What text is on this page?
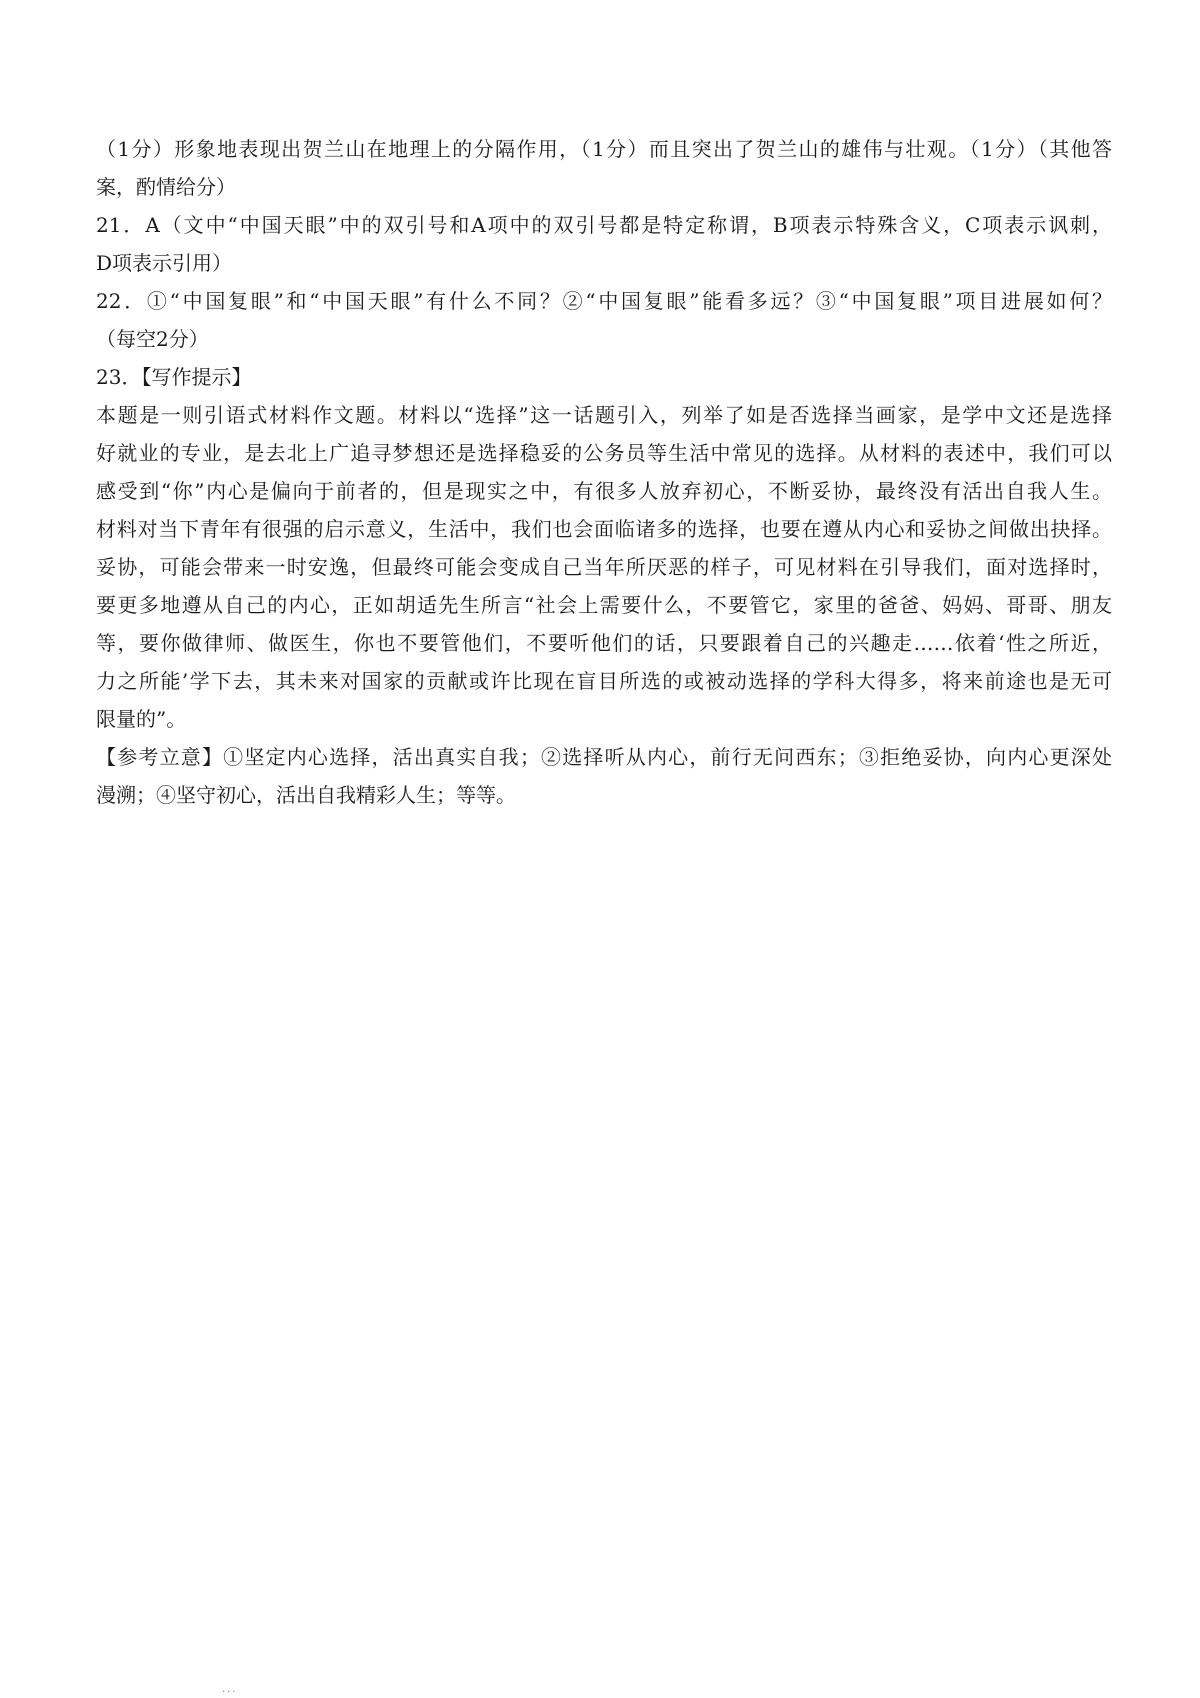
（1分）形象地表现出贺兰山在地理上的分隔作用，（1分）而且突出了贺兰山的雄伟与壮观。（1分）（其他答
案，酌情给分）
21．A（文中“中国天眼”中的双引号和A项中的双引号都是特定称谓，B项表示特殊含义，C项表示讽刺，
D项表示引用）
22．①“中国复眼”和“中国天眼”有什么不同？②“中国复眼”能看多远？③“中国复眼”项目进展如何？
（每空2分）
23．【写作提示】
本题是一则引语式材料作文题。材料以“选择”这一话题引入，列举了如是否选择当画家，是学中文还是选择
好就业的专业，是去北上广追寻梦想还是选择稳妥的公务员等生活中常见的选择。从材料的表述中，我们可以
感受到“你”内心是偏向于前者的，但是现实之中，有很多人放弃初心，不断妥协，最终没有活出自我人生。
材料对当下青年有很强的启示意义，生活中，我们也会面临诸多的选择，也要在遵从内心和妥协之间做出抉择。
妥协，可能会带来一时安逸，但最终可能会变成自己当年所厌恶的样子，可见材料在引导我们，面对选择时，
要更多地遵从自己的内心，正如胡适先生所言“社会上需要什么，不要管它，家里的爸爸、妈妈、哥哥、朋友
等，要你做律师、做医生，你也不要管他们，不要听他们的话，只要跟着自己的兴趣走……依着‘性之所近，
力之所能’学下去，其未来对国家的贡献或许比现在盲目所选的或被动选择的学科大得多，将来前途也是无可
限量的”。
【参考立意】①坚定内心选择，活出真实自我；②选择听从内心，前行无问西东；③拒绝妥协，向内心更深处
漫溯；④坚守初心，活出自我精彩人生；等等。
...
